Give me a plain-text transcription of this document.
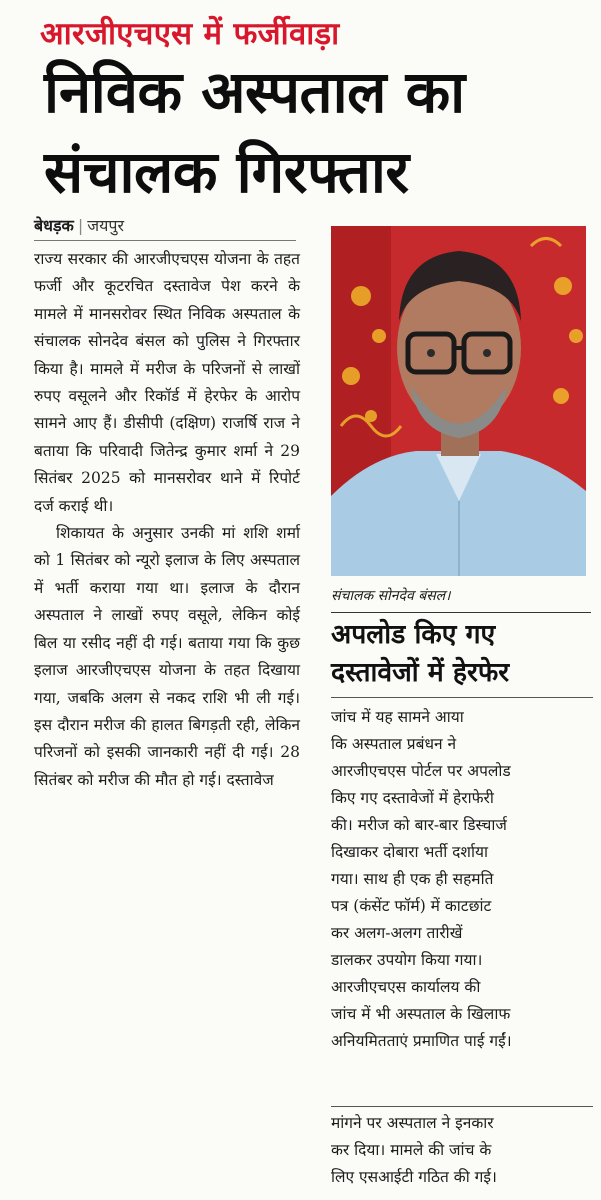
आरजीएचएस में फर्जीवाड़ा
निविक अस्पताल का
संचालक गिरफ्तार
बेधड़क | जयपुर

राज्य सरकार की आरजीएचएस योजना के तहत फर्जी और कूटरचित दस्तावेज पेश करने के मामले में मानसरोवर स्थित निविक अस्पताल के संचालक सोनदेव बंसल को पुलिस ने गिरफ्तार किया है। मामले में मरीज के परिजनों से लाखों रुपए वसूलने और रिकॉर्ड में हेरफेर के आरोप सामने आए हैं। डीसीपी (दक्षिण) राजर्षि राज ने बताया कि परिवादी जितेन्द्र कुमार शर्मा ने 29 सितंबर 2025 को मानसरोवर थाने में रिपोर्ट दर्ज कराई थी।

शिकायत के अनुसार उनकी मां शशि शर्मा को 1 सितंबर को न्यूरो इलाज के लिए अस्पताल में भर्ती कराया गया था। इलाज के दौरान अस्पताल ने लाखों रुपए वसूले, लेकिन कोई बिल या रसीद नहीं दी गई। बताया गया कि कुछ इलाज आरजीएचएस योजना के तहत दिखाया गया, जबकि अलग से नकद राशि भी ली गई। इस दौरान मरीज की हालत बिगड़ती रही, लेकिन परिजनों को इसकी जानकारी नहीं दी गई। 28 सितंबर को मरीज की मौत हो गई। दस्तावेज

संचालक सोनदेव बंसल।
अपलोड किए गए
दस्तावेजों में हेरफेर
जांच में यह सामने आया
कि अस्पताल प्रबंधन ने
आरजीएचएस पोर्टल पर अपलोड
किए गए दस्तावेजों में हेराफेरी
की। मरीज को बार-बार डिस्चार्ज
दिखाकर दोबारा भर्ती दर्शाया
गया। साथ ही एक ही सहमति
पत्र (कंसेंट फॉर्म) में काटछांट
कर अलग-अलग तारीखें
डालकर उपयोग किया गया।
आरजीएचएस कार्यालय की
जांच में भी अस्पताल के खिलाफ
अनियमितताएं प्रमाणित पाई गईं।
मांगने पर अस्पताल ने इनकार
कर दिया। मामले की जांच के
लिए एसआईटी गठित की गई।
